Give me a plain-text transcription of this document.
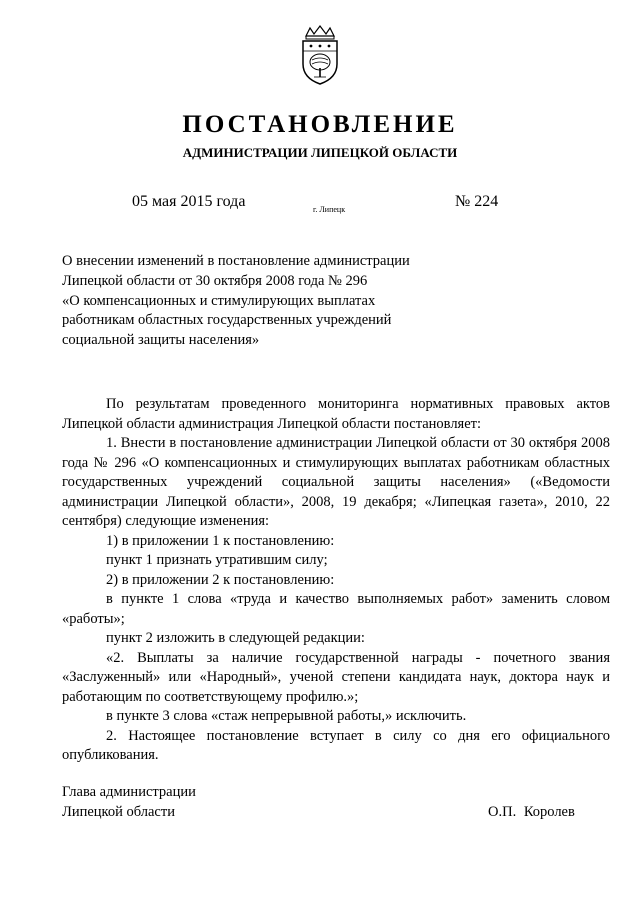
ПОСТАНОВЛЕНИЕ
АДМИНИСТРАЦИИ ЛИПЕЦКОЙ ОБЛАСТИ
05 мая 2015 года	г. Липецк	№ 224
О внесении изменений в постановление администрации
Липецкой области от 30 октября 2008 года № 296
«О компенсационных и стимулирующих выплатах
работникам областных государственных учреждений
социальной защиты населения»

По результатам проведенного мониторинга нормативных правовых актов Липецкой области администрация Липецкой области постановляет:

1. Внести в постановление администрации Липецкой области от 30 октября 2008 года № 296 «О компенсационных и стимулирующих выплатах работникам областных государственных учреждений социальной защиты населения» («Ведомости администрации Липецкой области», 2008, 19 декабря; «Липецкая газета», 2010, 22 сентября) следующие изменения:

1) в приложении 1 к постановлению:

пункт 1 признать утратившим силу;

2) в приложении 2 к постановлению:

в пункте 1 слова «труда и качество выполняемых работ» заменить словом «работы»;

пункт 2 изложить в следующей редакции:

«2. Выплаты за наличие государственной награды - почетного звания «Заслуженный» или «Народный», ученой степени кандидата наук, доктора наук и работающим по соответствующему профилю.»;

в пункте 3 слова «стаж непрерывной работы,» исключить.

2. Настоящее постановление вступает в силу со дня его официального опубликования.

Глава администрации
Липецкой области	О.П. Королев
